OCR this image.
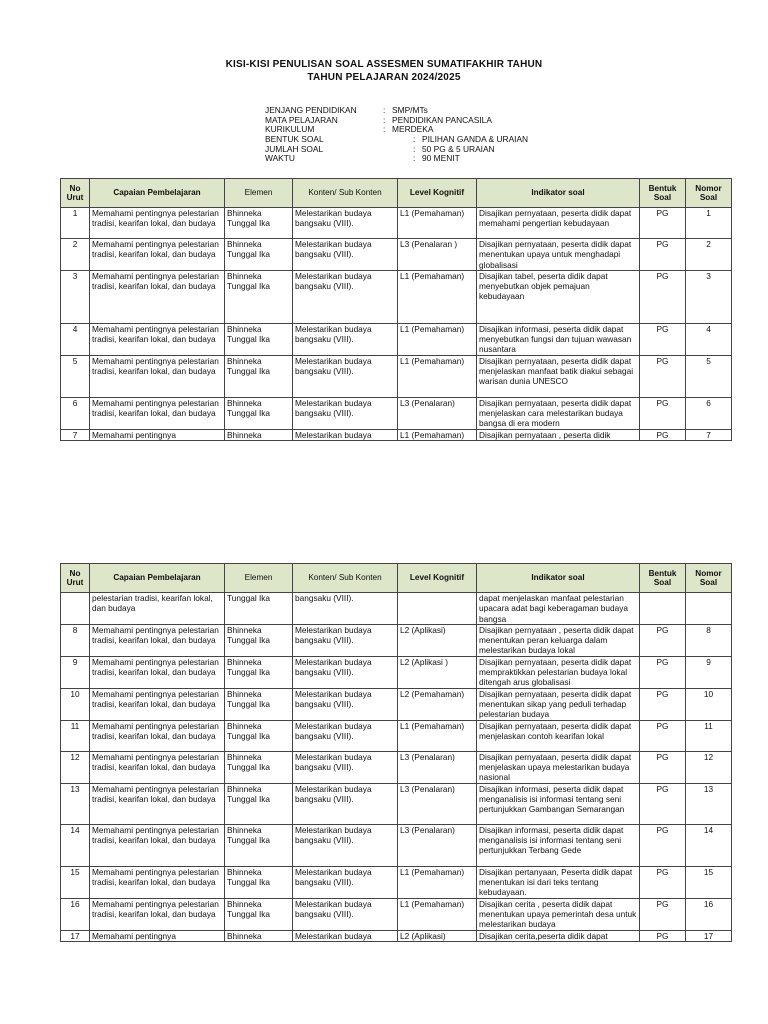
KISI-KISI PENULISAN SOAL ASSESMEN SUMATIFAKHIR TAHUN
TAHUN PELAJARAN 2024/2025
JENJANG PENDIDIKAN	: SMP/MTs
MATA PELAJARAN	: PENDIDIKAN PANCASILA
KURIKULUM	: MERDEKA
BENTUK SOAL	: PILIHAN GANDA & URAIAN
JUMLAH SOAL	: 50 PG & 5 URAIAN
WAKTU	: 90 MENIT
No Urut	Capaian Pembelajaran	Elemen	Konten/ Sub Konten	Level Kognitif	Indikator soal	Bentuk Soal	Nomor Soal
1	Memahami pentingnya pelestarian tradisi, kearifan lokal, dan budaya	Bhinneka Tunggal Ika	Melestarikan budaya bangsaku (VIII).	L1 (Pemahaman)	Disajikan pernyataan, peserta didik dapat memahami pengertian kebudayaan	PG	1
2	Memahami pentingnya pelestarian tradisi, kearifan lokal, dan budaya	Bhinneka Tunggal Ika	Melestarikan budaya bangsaku (VIII).	L3 (Penalaran )	Disajikan pernyataan, peserta didik dapat menentukan upaya untuk menghadapi globalisasi	PG	2
3	Memahami pentingnya pelestarian tradisi, kearifan lokal, dan budaya	Bhinneka Tunggal Ika	Melestarikan budaya bangsaku (VIII).	L1 (Pemahaman)	Disajikan tabel, peserta didik dapat menyebutkan objek pemajuan kebudayaan	PG	3
4	Memahami pentingnya pelestarian tradisi, kearifan lokal, dan budaya	Bhinneka Tunggal Ika	Melestarikan budaya bangsaku (VIII).	L1 (Pemahaman)	Disajikan informasi, peserta didik dapat menyebutkan fungsi dan tujuan wawasan nusantara	PG	4
5	Memahami pentingnya pelestarian tradisi, kearifan lokal, dan budaya	Bhinneka Tunggal Ika	Melestarikan budaya bangsaku (VIII).	L1 (Pemahaman)	Disajikan pernyataan, peserta didik dapat menjelaskan manfaat batik diakui sebagai warisan dunia UNESCO	PG	5
6	Memahami pentingnya pelestarian tradisi, kearifan lokal, dan budaya	Bhinneka Tunggal Ika	Melestarikan budaya bangsaku (VIII).	L3 (Penalaran)	Disajikan pernyataan, peserta didik dapat menjelaskan cara melestarikan budaya bangsa di era modern	PG	6
7	Memahami pentingnya	Bhinneka	Melestarikan budaya	L1 (Pemahaman)	Disajikan pernyataan , peserta didik	PG	7
No Urut	Capaian Pembelajaran	Elemen	Konten/ Sub Konten	Level Kognitif	Indikator soal	Bentuk Soal	Nomor Soal
	pelestarian tradisi, kearifan lokal, dan budaya	Tunggal Ika	bangsaku (VIII).		dapat menjelaskan manfaat pelestarian upacara adat bagi keberagaman budaya bangsa		
8	Memahami pentingnya pelestarian tradisi, kearifan lokal, dan budaya	Bhinneka Tunggal Ika	Melestarikan budaya bangsaku (VIII).	L2 (Aplikasi)	Disajikan pernyataan , peserta didik dapat menentukan peran keluarga dalam melestarikan budaya lokal	PG	8
9	Memahami pentingnya pelestarian tradisi, kearifan lokal, dan budaya	Bhinneka Tunggal Ika	Melestarikan budaya bangsaku (VIII).	L2 (Aplikasi )	Disajikan pernyataan, peserta didik dapat mempraktikkan pelestarian budaya lokal ditengah arus globalisasi	PG	9
10	Memahami pentingnya pelestarian tradisi, kearifan lokal, dan budaya	Bhinneka Tunggal Ika	Melestarikan budaya bangsaku (VIII).	L2 (Pemahaman)	Disajikan pernyataan, peserta didik dapat menentukan sikap yang peduli terhadap pelestarian budaya	PG	10
11	Memahami pentingnya pelestarian tradisi, kearifan lokal, dan budaya	Bhinneka Tunggal Ika	Melestarikan budaya bangsaku (VIII).	L1 (Pemahaman)	Disajikan pernyataan, peserta didik dapat menjelaskan contoh kearifan lokal	PG	11
12	Memahami pentingnya pelestarian tradisi, kearifan lokal, dan budaya	Bhinneka Tunggal Ika	Melestarikan budaya bangsaku (VIII).	L3 (Penalaran)	Disajikan pernyataan, peserta didik dapat menjelaskan upaya melestarikan budaya nasional	PG	12
13	Memahami pentingnya pelestarian tradisi, kearifan lokal, dan budaya	Bhinneka Tunggal Ika	Melestarikan budaya bangsaku (VIII).	L3 (Penalaran)	Disajikan informasi, peserta didik dapat menganalisis isi informasi tentang seni pertunjukkan Gambangan Semarangan	PG	13
14	Memahami pentingnya pelestarian tradisi, kearifan lokal, dan budaya	Bhinneka Tunggal Ika	Melestarikan budaya bangsaku (VIII).	L3 (Penalaran)	Disajikan informasi, peserta didik dapat menganalisis isi informasi tentang seni pertunjukkan Terbang Gede	PG	14
15	Memahami pentingnya pelestarian tradisi, kearifan lokal, dan budaya	Bhinneka Tunggal Ika	Melestarikan budaya bangsaku (VIII).	L1 (Pemahaman)	Disajikan pertanyaan, Peserta didik dapat menentukan isi dari teks tentang kebudayaan.	PG	15
16	Memahami pentingnya pelestarian tradisi, kearifan lokal, dan budaya	Bhinneka Tunggal Ika	Melestarikan budaya bangsaku (VIII).	L1 (Pemahaman)	Disajikan cerita , peserta didik dapat menentukan upaya pemerintah desa untuk melestarikan budaya	PG	16
17	Memahami pentingnya	Bhinneka	Melestarikan budaya	L2 (Aplikasi)	Disajikan cerita,peserta didik dapat	PG	17
